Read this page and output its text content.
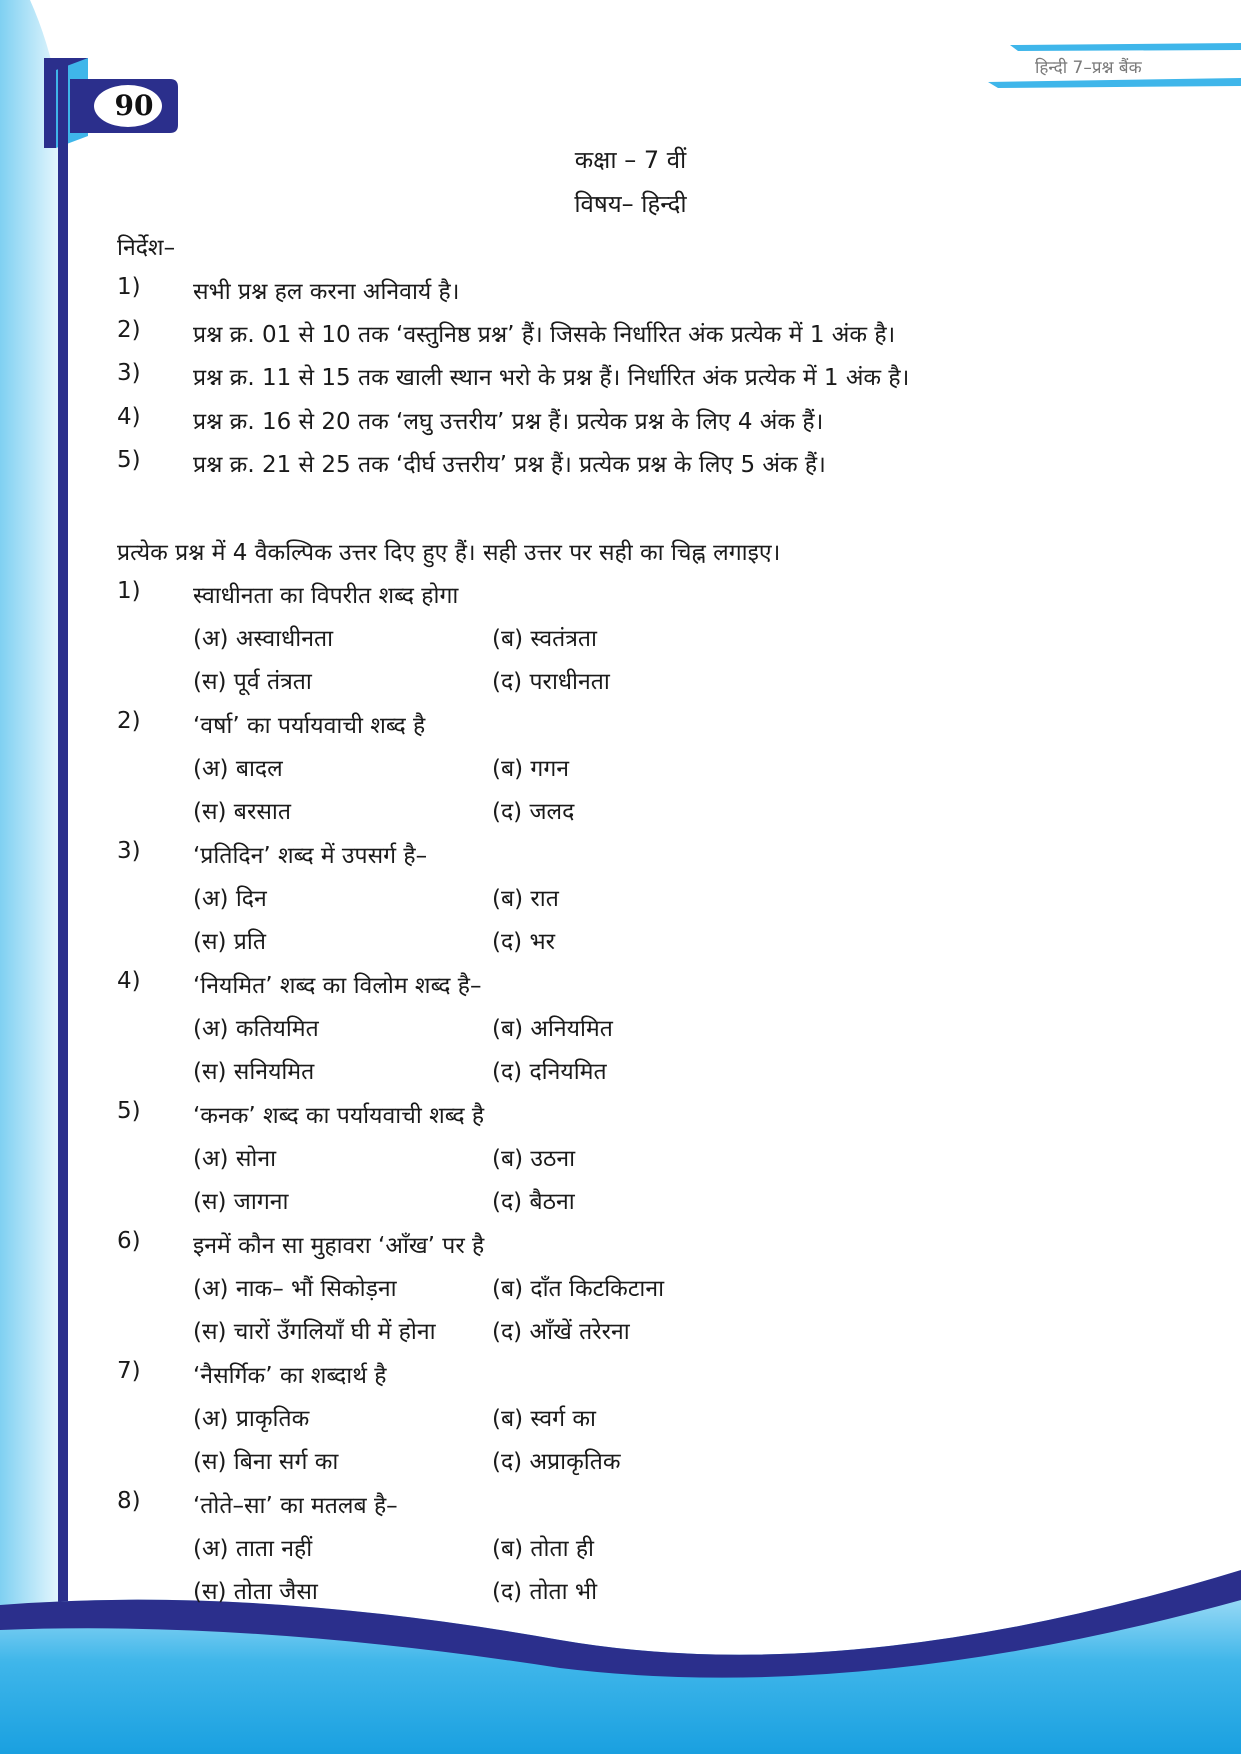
हिन्दी 7–प्रश्न बैंक
90
कक्षा – 7 वीं
विषय– हिन्दी
निर्देश–
1) सभी प्रश्न हल करना अनिवार्य है।
2) प्रश्न क्र. 01 से 10 तक ‘वस्तुनिष्ठ प्रश्न’ हैं। जिसके निर्धारित अंक प्रत्येक में 1 अंक है।
3) प्रश्न क्र. 11 से 15 तक खाली स्थान भरो के प्रश्न हैं। निर्धारित अंक प्रत्येक में 1 अंक है।
4) प्रश्न क्र. 16 से 20 तक ‘लघु उत्तरीय’ प्रश्न हैं। प्रत्येक प्रश्न के लिए 4 अंक हैं।
5) प्रश्न क्र. 21 से 25 तक ‘दीर्घ उत्तरीय’ प्रश्न हैं। प्रत्येक प्रश्न के लिए 5 अंक हैं।
प्रत्येक प्रश्न में 4 वैकल्पिक उत्तर दिए हुए हैं। सही उत्तर पर सही का चिह्न लगाइए।
1) स्वाधीनता का विपरीत शब्द होगा
(अ) अस्वाधीनता	(ब) स्वतंत्रता
(स) पूर्व तंत्रता	(द) पराधीनता
2) ‘वर्षा’ का पर्यायवाची शब्द है
(अ) बादल	(ब) गगन
(स) बरसात	(द) जलद
3) ‘प्रतिदिन’ शब्द में उपसर्ग है–
(अ) दिन	(ब) रात
(स) प्रति	(द) भर
4) ‘नियमित’ शब्द का विलोम शब्द है–
(अ) कतियमित	(ब) अनियमित
(स) सनियमित	(द) दनियमित
5) ‘कनक’ शब्द का पर्यायवाची शब्द है
(अ) सोना	(ब) उठना
(स) जागना	(द) बैठना
6) इनमें कौन सा मुहावरा ‘आँख’ पर है
(अ) नाक– भौं सिकोड़ना	(ब) दाँत किटकिटाना
(स) चारों उँगलियाँ घी में होना (द) आँखें तरेरना
7) ‘नैसर्गिक’ का शब्दार्थ है
(अ) प्राकृतिक	(ब) स्वर्ग का
(स) बिना सर्ग का	(द) अप्राकृतिक
8) ‘तोते–सा’ का मतलब है–
(अ) ताता नहीं	(ब) तोता ही
(स) तोता जैसा	(द) तोता भी
